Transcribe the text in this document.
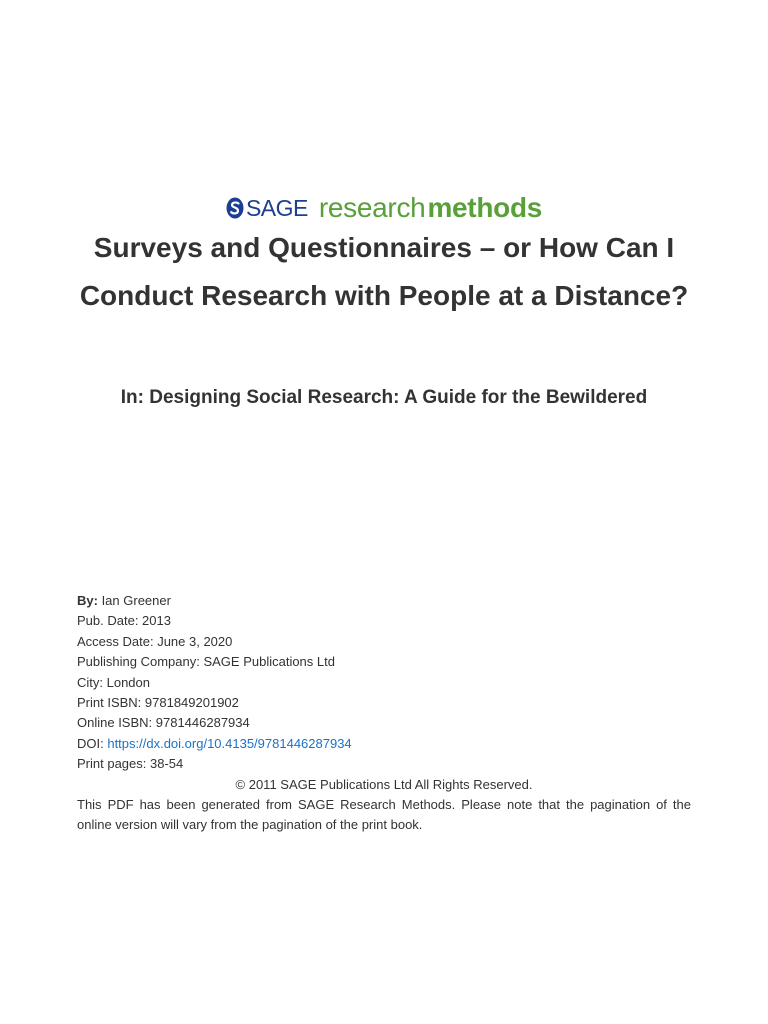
SAGE research methods
Surveys and Questionnaires – or How Can I Conduct Research with People at a Distance?
In: Designing Social Research: A Guide for the Bewildered
By: Ian Greener
Pub. Date: 2013
Access Date: June 3, 2020
Publishing Company: SAGE Publications Ltd
City: London
Print ISBN: 9781849201902
Online ISBN: 9781446287934
DOI: https://dx.doi.org/10.4135/9781446287934
Print pages: 38-54
© 2011 SAGE Publications Ltd All Rights Reserved.
This PDF has been generated from SAGE Research Methods. Please note that the pagination of the online version will vary from the pagination of the print book.
